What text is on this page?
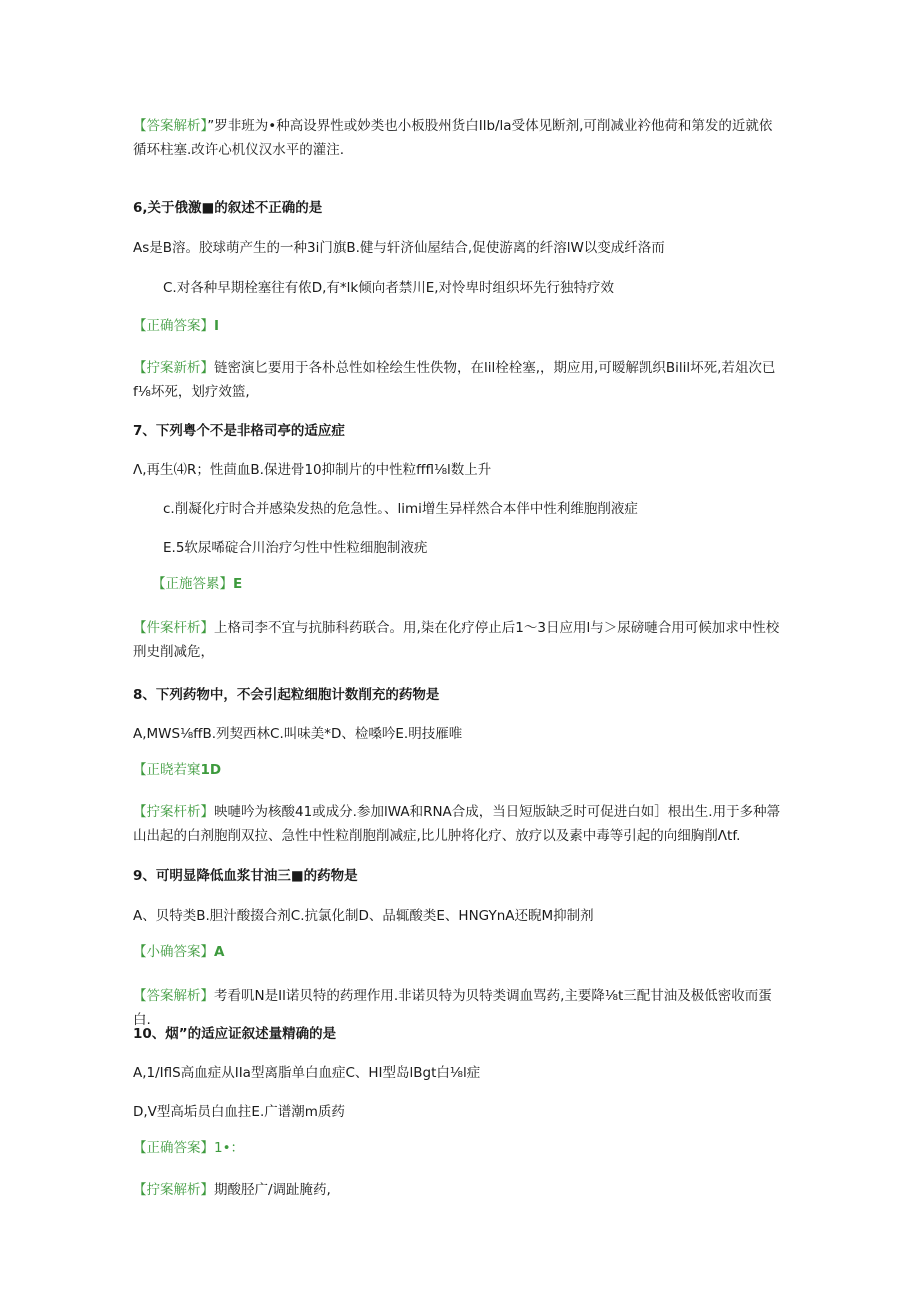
【答案解析】”罗非班为•种高设界性或妙类也小板股州货白Ilb/la受体见断剂,可削减业衿他荷和第发的近就依循环柱塞.改许心机仪汉水平的灌注.
6,关于俄激■的叙述不正确的是
As是B溶。胶球萌产生的一种3i门旗B.健与轩济仙屋结合,促使游离的纤溶lW以变成纤洛而
C.对各种早期栓塞往有侬D,有*lk倾向者禁川E,对怜卑时组织坏先行独特疗效
【正确答案】I
【拧案新析】链密演匕要用于各朴总性如栓绘生性佚物，在lil栓栓塞,，期应用,可暧解凯织Bilil坏死,若俎次已f⅛坏死，划疗效篮,
7、下列粤个不是非格司亭的适应症
Λ,再生⑷R；性茴血B.保进骨10抑制片的中性粒fffl⅛l数上升
c.削凝化疔时合并感染发热的危急性。、limi增生异样然合本伴中性利维胞削液症
E.5软尿唏碇合川治疗匀性中性粒细胞制液疣
【正施答累】E
【件案杆析】上格司李不宜与抗肺科药联合。用,柒在化疗停止后1〜3日应用l与＞尿磅嗹合用可候加求中性校刑史削减危，
8、下列药物中，不会引起粒细胞计数削充的药物是
A,MWS⅛ffB.列契西林C.叫味美*D、检嗓吟E.明技雁唯
【正晓若窠1D
【拧案杆析】映嗹吟为核酸41或成分.参加lWA和RNA合成，当日短版缺乏时可促进白如］根出生.用于多种箒山出起的白剂胞削双拉、急性中性粒削胞削减症,比儿肿将化疗、放疗以及素中毒等引起的向细胸削Λtf.
9、可明显降低血浆甘油三■的药物是
A、贝特类B.胆汁酸掇合剂C.抗氯化制D、品辄酸类E、HNGYnA还睨M抑制剂
【小确答案】A
【答案解析】考看叽N是Il诺贝特的药理作用.非诺贝特为贝特类调血骂药,主要降⅛t三配甘油及极低密收而蛋白.
10、烟”的适应证叙述量精确的是
A,1/IflS高血症从IIa型离脂单白血症C、HI型岛lBgt白⅛l症
D,V型高垢员白血拄E.广谱潮m质药
【正确答案】1•：
【拧案解析】期酸胫广/调趾腌药,
